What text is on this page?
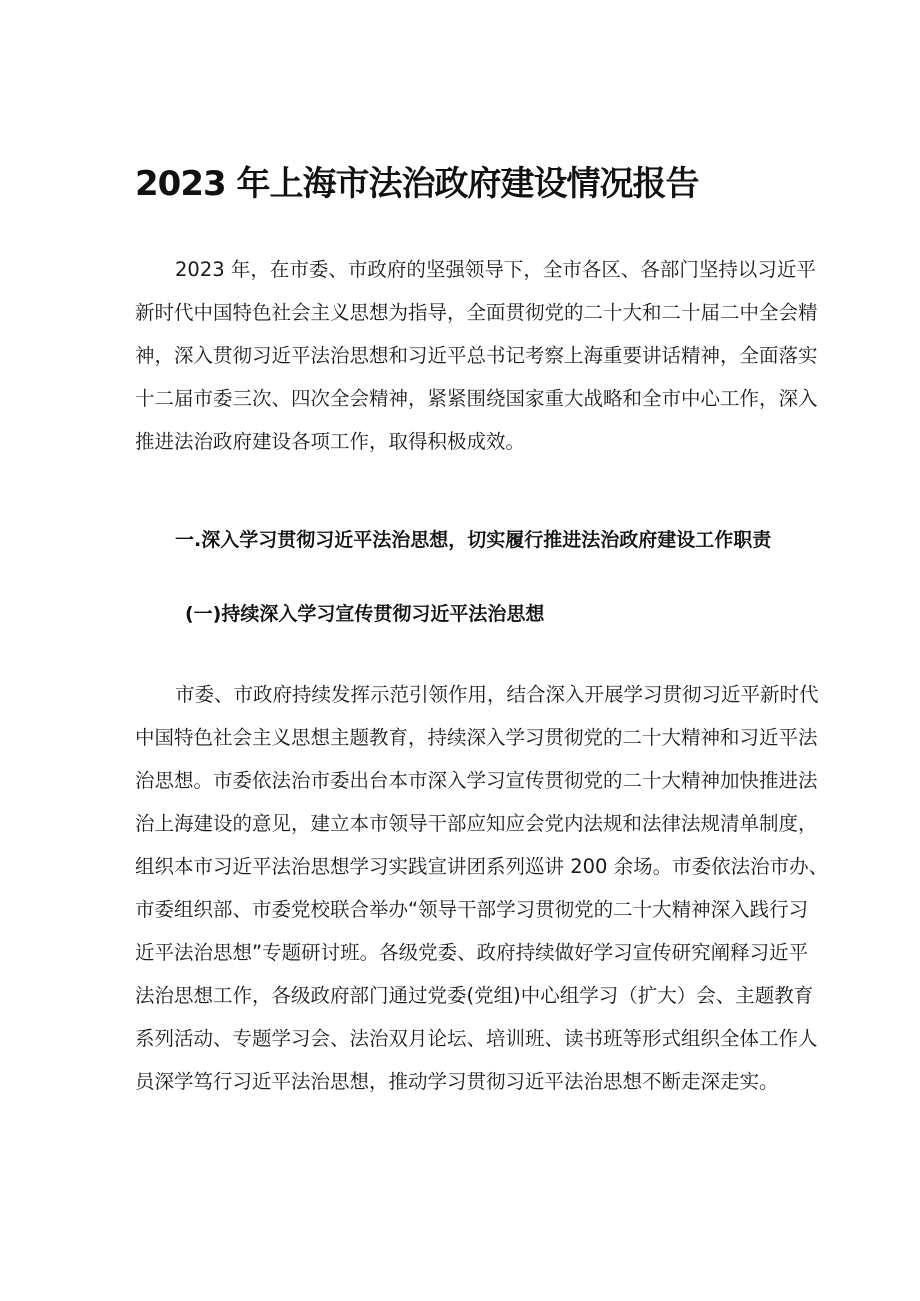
2023 年上海市法治政府建设情况报告
2023 年，在市委、市政府的坚强领导下，全市各区、各部门坚持以习近平
新时代中国特色社会主义思想为指导，全面贯彻党的二十大和二十届二中全会精
神，深入贯彻习近平法治思想和习近平总书记考察上海重要讲话精神，全面落实
十二届市委三次、四次全会精神，紧紧围绕国家重大战略和全市中心工作，深入
推进法治政府建设各项工作，取得积极成效。
一.深入学习贯彻习近平法治思想，切实履行推进法治政府建设工作职责
(一)持续深入学习宣传贯彻习近平法治思想
市委、市政府持续发挥示范引领作用，结合深入开展学习贯彻习近平新时代
中国特色社会主义思想主题教育，持续深入学习贯彻党的二十大精神和习近平法
治思想。市委依法治市委出台本市深入学习宣传贯彻党的二十大精神加快推进法
治上海建设的意见，建立本市领导干部应知应会党内法规和法律法规清单制度，
组织本市习近平法治思想学习实践宣讲团系列巡讲 200 余场。市委依法治市办、
市委组织部、市委党校联合举办“领导干部学习贯彻党的二十大精神深入践行习
近平法治思想”专题研讨班。各级党委、政府持续做好学习宣传研究阐释习近平
法治思想工作，各级政府部门通过党委(党组)中心组学习（扩大）会、主题教育
系列活动、专题学习会、法治双月论坛、培训班、读书班等形式组织全体工作人
员深学笃行习近平法治思想，推动学习贯彻习近平法治思想不断走深走实。
